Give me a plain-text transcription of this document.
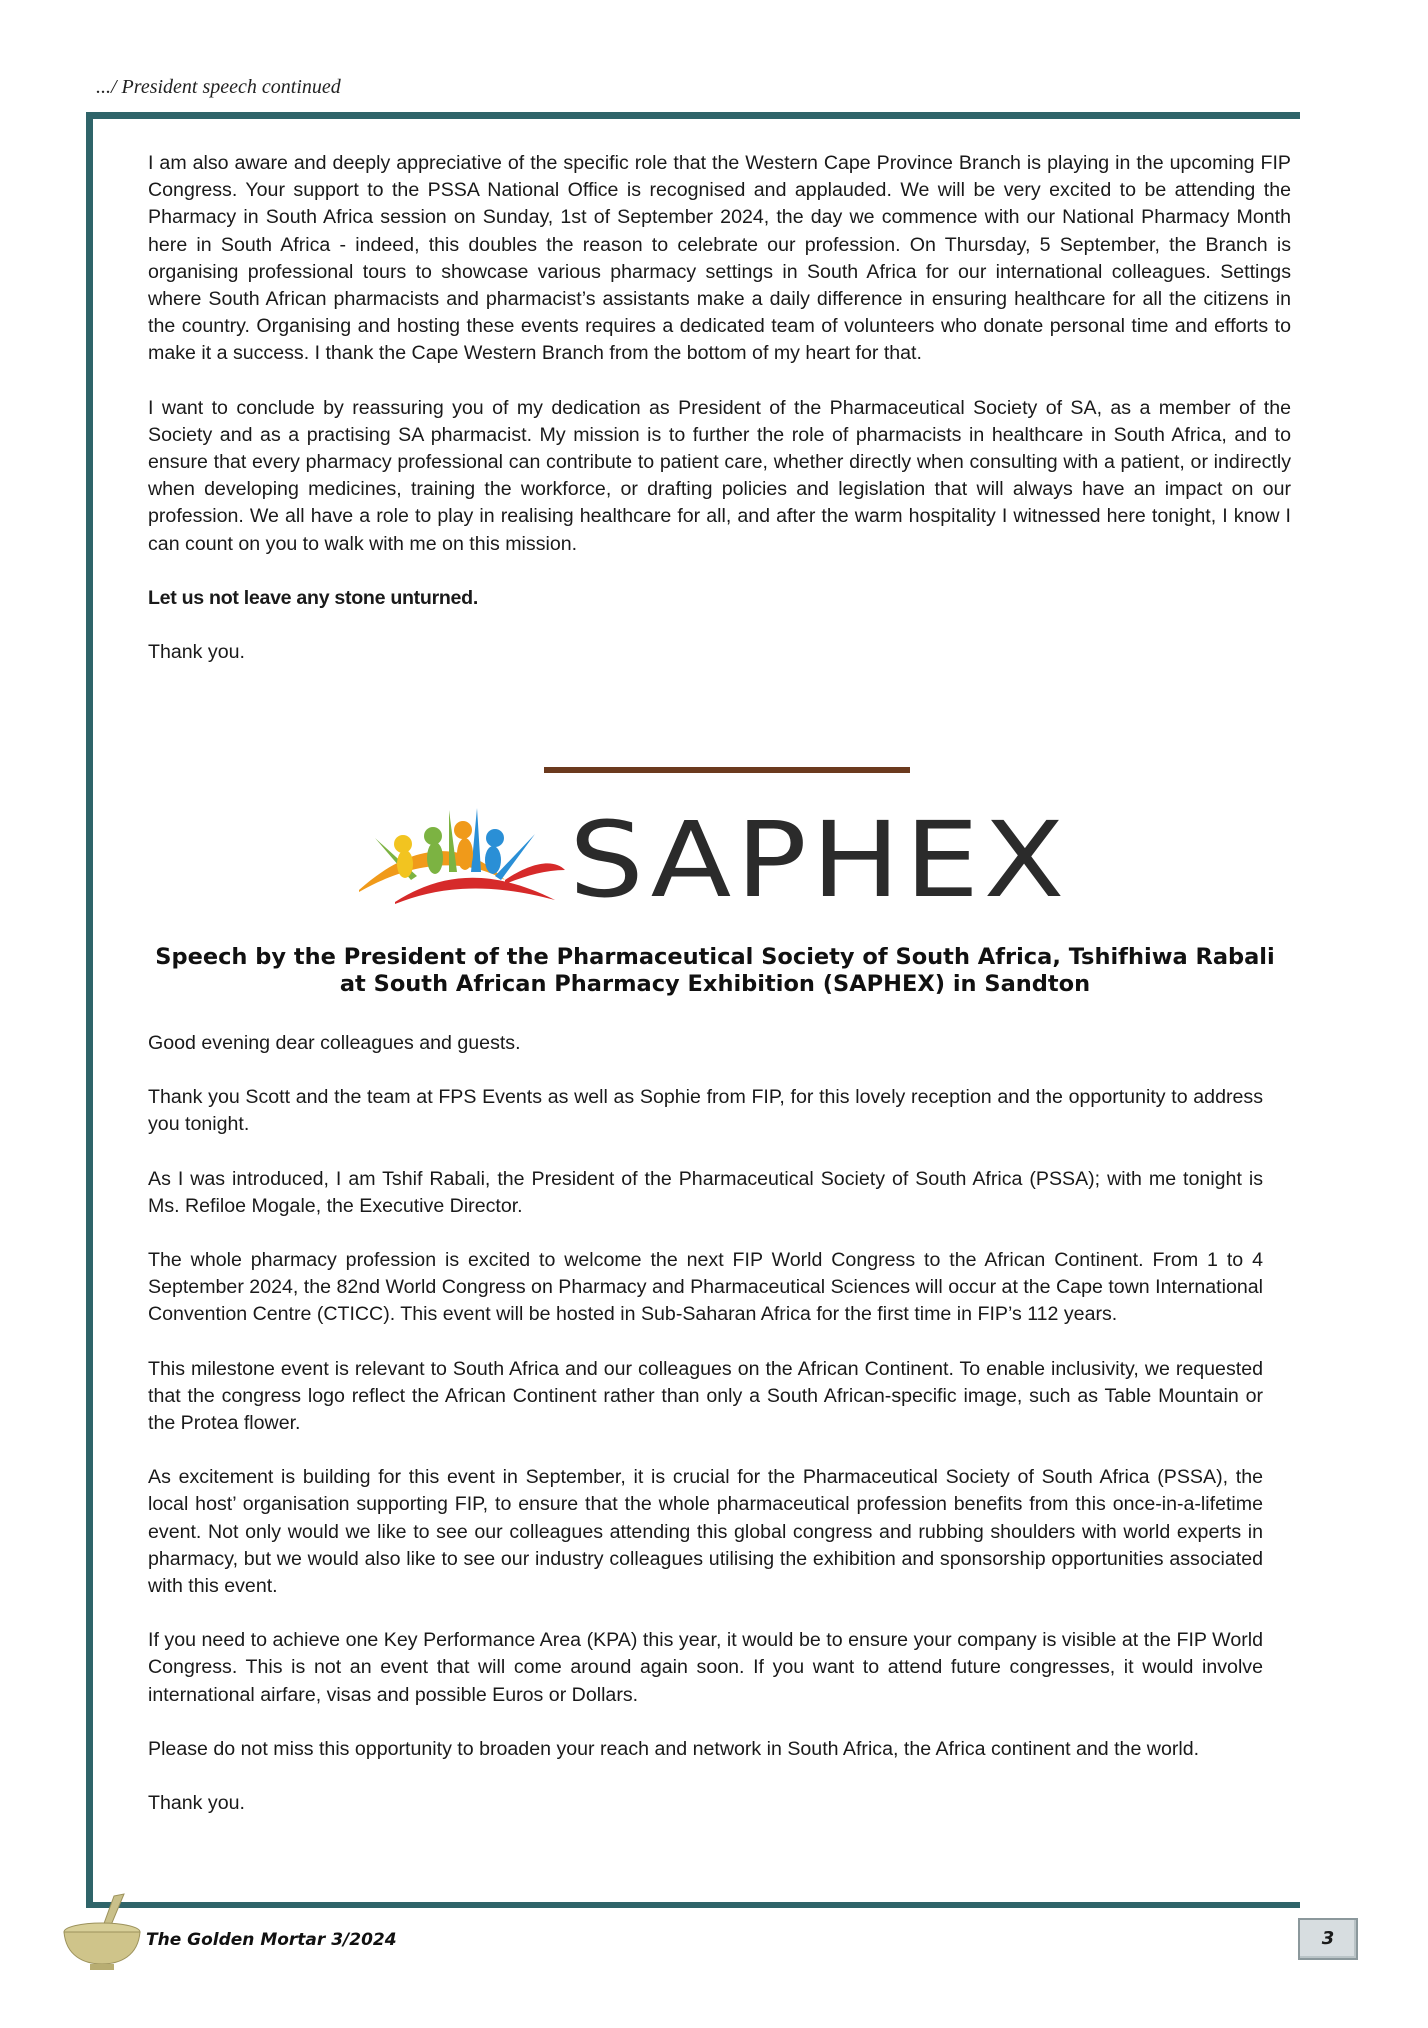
.../ President speech continued

I am also aware and deeply appreciative of the specific role that the Western Cape Province Branch is playing in the upcoming FIP Congress. Your support to the PSSA National Office is recognised and applauded. We will be very excited to be attending the Pharmacy in South Africa session on Sunday, 1st of September 2024, the day we commence with our National Pharmacy Month here in South Africa - indeed, this doubles the reason to celebrate our profession. On Thursday, 5 September, the Branch is organising professional tours to showcase various pharmacy settings in South Africa for our international colleagues. Settings where South African pharmacists and pharmacist’s assistants make a daily difference in ensuring healthcare for all the citizens in the country. Organising and hosting these events requires a dedicated team of volunteers who donate personal time and efforts to make it a success. I thank the Cape Western Branch from the bottom of my heart for that.

I want to conclude by reassuring you of my dedication as President of the Pharmaceutical Society of SA, as a member of the Society and as a practising SA pharmacist. My mission is to further the role of pharmacists in healthcare in South Africa, and to ensure that every pharmacy professional can contribute to patient care, whether directly when consulting with a patient, or indirectly when developing medicines, training the workforce, or drafting policies and legislation that will always have an impact on our profession. We all have a role to play in realising healthcare for all, and after the warm hospitality I witnessed here tonight, I know I can count on you to walk with me on this mission.

Let us not leave any stone unturned.

Thank you.

Good evening dear colleagues and guests.

Thank you Scott and the team at FPS Events as well as Sophie from FIP, for this lovely reception and the opportunity to address you tonight.

As I was introduced, I am Tshif Rabali, the President of the Pharmaceutical Society of South Africa (PSSA); with me tonight is Ms. Refiloe Mogale, the Executive Director.

The whole pharmacy profession is excited to welcome the next FIP World Congress to the African Continent. From 1 to 4 September 2024, the 82nd World Congress on Pharmacy and Pharmaceutical Sciences will occur at the Cape town International Convention Centre (CTICC). This event will be hosted in Sub-Saharan Africa for the first time in FIP’s 112 years.

This milestone event is relevant to South Africa and our colleagues on the African Continent. To enable inclusivity, we requested that the congress logo reflect the African Continent rather than only a South African-specific image, such as Table Mountain or the Protea flower.

As excitement is building for this event in September, it is crucial for the Pharmaceutical Society of South Africa (PSSA), the local host’ organisation supporting FIP, to ensure that the whole pharmaceutical profession benefits from this once-in-a-lifetime event. Not only would we like to see our colleagues attending this global congress and rubbing shoulders with world experts in pharmacy, but we would also like to see our industry colleagues utilising the exhibition and sponsorship opportunities associated with this event.

If you need to achieve one Key Performance Area (KPA) this year, it would be to ensure your company is visible at the FIP World Congress. This is not an event that will come around again soon. If you want to attend future congresses, it would involve international airfare, visas and possible Euros or Dollars.

Please do not miss this opportunity to broaden your reach and network in South Africa, the Africa continent and the world.

Thank you.

SAPHEX
Speech by the President of the Pharmaceutical Society of South Africa, Tshifhiwa Rabali at South African Pharmacy Exhibition (SAPHEX) in Sandton
The Golden Mortar 3/2024	3
